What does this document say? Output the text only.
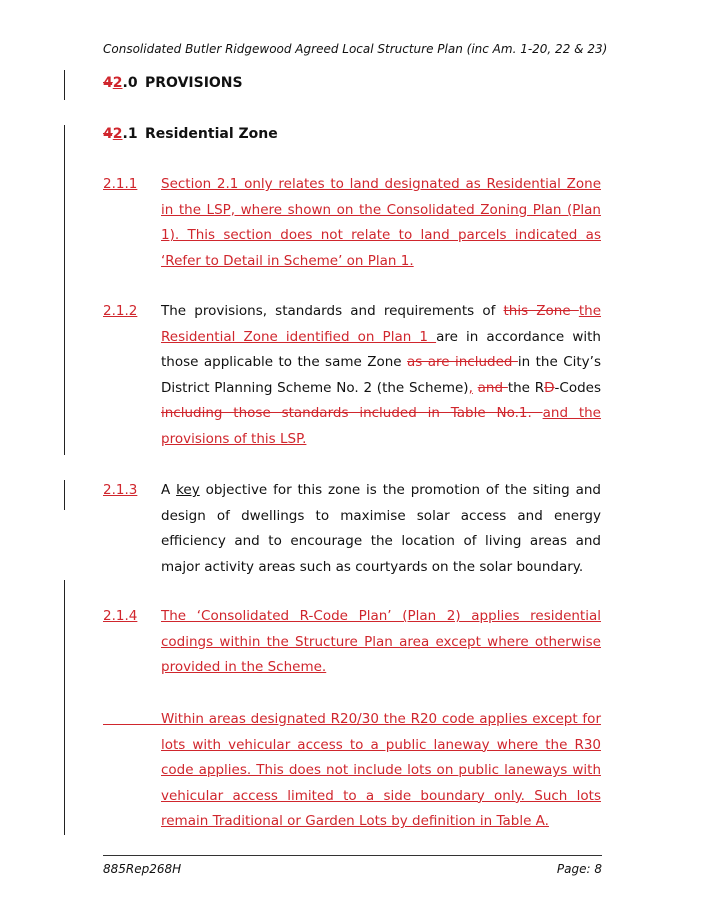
Consolidated Butler Ridgewood Agreed Local Structure Plan (inc Am. 1-20, 22 & 23)
42.0 PROVISIONS
42.1 Residential Zone
2.1.1	Section 2.1 only relates to land designated as Residential Zone in the LSP, where shown on the Consolidated Zoning Plan (Plan 1). This section does not relate to land parcels indicated as ‘Refer to Detail in Scheme’ on Plan 1.
2.1.2	The provisions, standards and requirements of this Zone the Residential Zone identified on Plan 1 are in accordance with those applicable to the same Zone as are included in the City’s District Planning Scheme No. 2 (the Scheme), and the RD-Codes including those standards included in Table No.1. and the provisions of this LSP.
2.1.3	A key objective for this zone is the promotion of the siting and design of dwellings to maximise solar access and energy efficiency and to encourage the location of living areas and major activity areas such as courtyards on the solar boundary.
2.1.4	The ‘Consolidated R-Code Plan’ (Plan 2) applies residential codings within the Structure Plan area except where otherwise provided in the Scheme.
Within areas designated R20/30 the R20 code applies except for lots with vehicular access to a public laneway where the R30 code applies. This does not include lots on public laneways with vehicular access limited to a side boundary only. Such lots remain Traditional or Garden Lots by definition in Table A.
885Rep268H	Page: 8
